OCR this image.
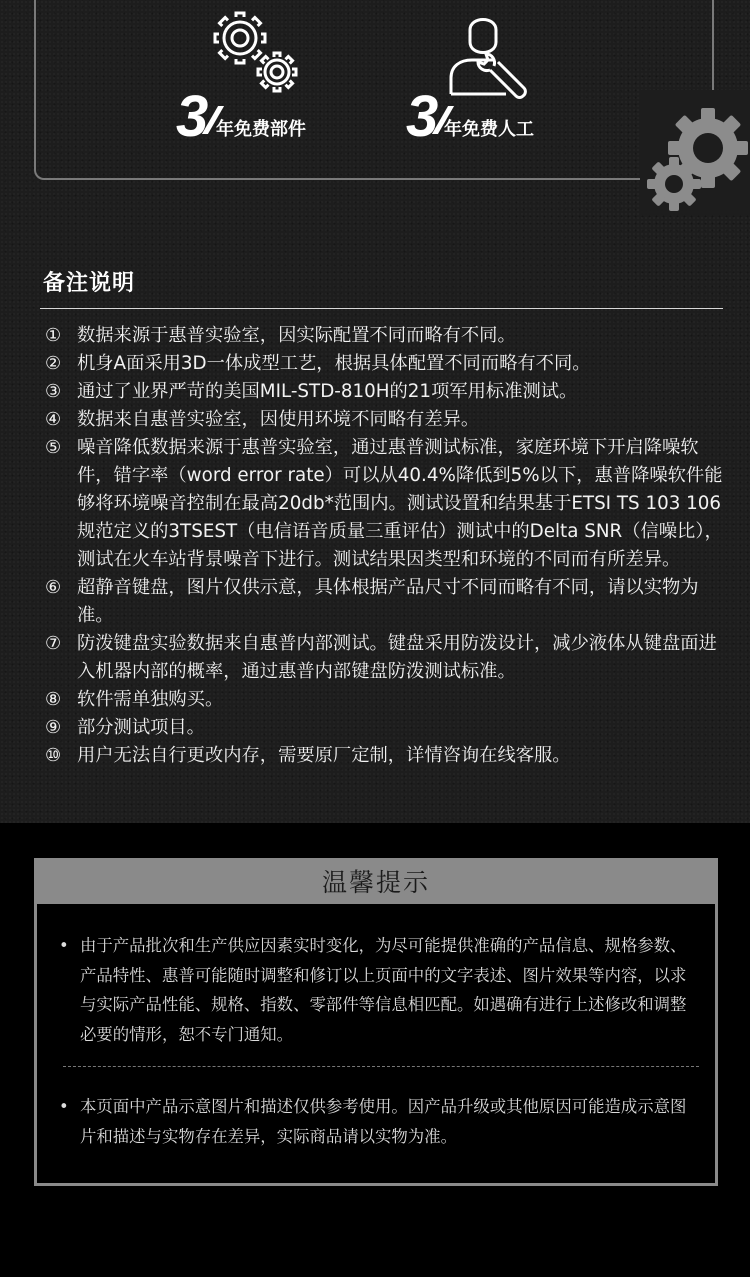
3 年免费部件 3 年免费人工
备注说明
① 数据来源于惠普实验室，因实际配置不同而略有不同。
② 机身A面采用3D一体成型工艺，根据具体配置不同而略有不同。
③ 通过了业界严苛的美国MIL-STD-810H的21项军用标准测试。
④ 数据来自惠普实验室，因使用环境不同略有差异。
⑤ 噪音降低数据来源于惠普实验室，通过惠普测试标准，家庭环境下开启降噪软件，错字率（word error rate）可以从40.4%降低到5%以下，惠普降噪软件能够将环境噪音控制在最高20db*范围内。测试设置和结果基于ETSI TS 103 106 规范定义的3TSEST（电信语音质量三重评估）测试中的Delta SNR（信噪比），测试在火车站背景噪音下进行。测试结果因类型和环境的不同而有所差异。
⑥ 超静音键盘，图片仅供示意，具体根据产品尺寸不同而略有不同，请以实物为准。
⑦ 防泼键盘实验数据来自惠普内部测试。键盘采用防泼设计，减少液体从键盘面进入机器内部的概率，通过惠普内部键盘防泼测试标准。
⑧ 软件需单独购买。
⑨ 部分测试项目。
⑩ 用户无法自行更改内存，需要原厂定制，详情咨询在线客服。
温馨提示
• 由于产品批次和生产供应因素实时变化，为尽可能提供准确的产品信息、规格参数、产品特性、惠普可能随时调整和修订以上页面中的文字表述、图片效果等内容，以求与实际产品性能、规格、指数、零部件等信息相匹配。如遇确有进行上述修改和调整必要的情形，恕不专门通知。
• 本页面中产品示意图片和描述仅供参考使用。因产品升级或其他原因可能造成示意图片和描述与实物存在差异，实际商品请以实物为准。
